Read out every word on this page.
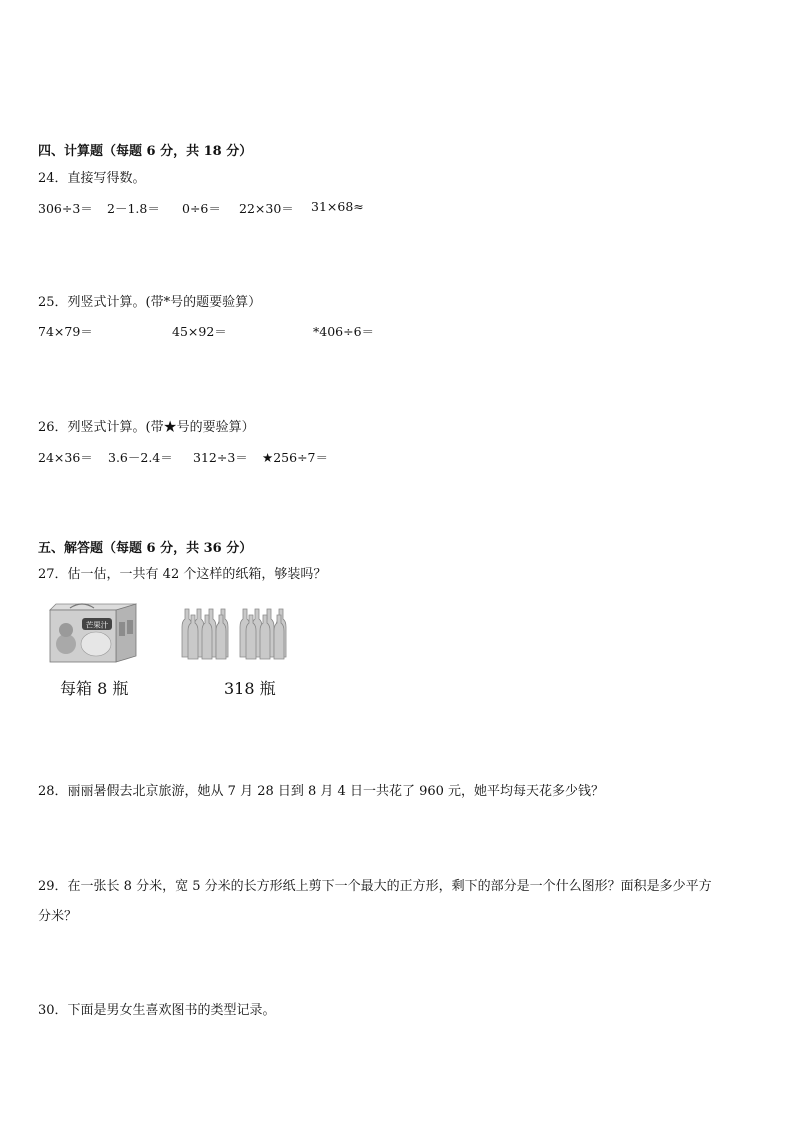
四、计算题（每题 6 分，共 18 分）
24．直接写得数。
306÷3＝ 2－1.8＝ 0÷6＝ 22×30＝ 31×68≈
25．列竖式计算。(带*号的题要验算）
74×79＝	45×92＝	*406÷6＝
26．列竖式计算。(带★号的要验算）
24×36＝ 3.6－2.4＝ 312÷3＝ ★256÷7＝
五、解答题（每题 6 分，共 36 分）
27．估一估，一共有 42 个这样的纸箱，够装吗？
芒果汁
每箱 8 瓶	318 瓶
28．丽丽暑假去北京旅游，她从 7 月 28 日到 8 月 4 日一共花了 960 元，她平均每天花多少钱？
29．在一张长 8 分米，宽 5 分米的长方形纸上剪下一个最大的正方形，剩下的部分是一个什么图形？面积是多少平方
分米？
30．下面是男女生喜欢图书的类型记录。
